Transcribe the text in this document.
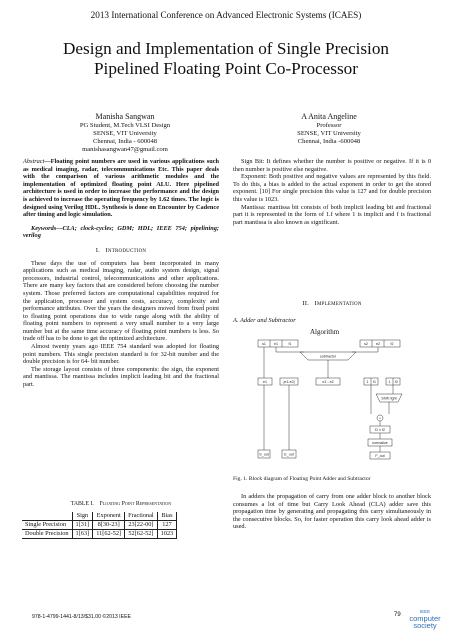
2013 International Conference on Advanced Electronic Systems (ICAES)
Design and Implementation of Single Precision
Pipelined Floating Point Co-Processor
Manisha Sangwan
PG Student, M.Tech VLSI Design
SENSE, VIT University
Chennai, India - 600048
manishasangwan47@gmail.com
A Anita Angeline
Professor
SENSE, VIT University
Chennai, India -600048

Abstract—Floating point numbers are used in various applications such as medical imaging, radar, telecommunications Etc. This paper deals with the comparison of various arithmetic modules and the implementation of optimized floating point ALU. Here pipelined architecture is used in order to increase the performance and the design is achieved to increase the operating frequency by 1.62 times. The logic is designed using Verilog HDL. Synthesis is done on Encounter by Cadence after timing and logic simulation.

Keywords—CLA; clock-cycles; GDM; HDL; IEEE 754; pipelining; verilog

I. Introduction

These days the use of computers has been incorporated in many applications such as medical imaging, radar, audio system design, signal processors, industrial control, telecommunications and other applications. There are many key factors that are considered before choosing the number system. Those preferred factors are computational capabilities required for the application, processor and system costs, accuracy, complexity and performance attributes. Over the years the designers moved from fixed point to floating point operations due to wide range along with the ability of floating point numbers to represent a very small number to a very large number but at the same time accuracy of floating point numbers is less. So trade off has to be done to get the optimized architecture.

Almost twenty years ago IEEE 754 standard was adopted for floating point numbers. This single precision standard is for 32-bit number and the double precision is for 64- bit number.

The storage layout consists of three components: the sign, the exponent and mantissa. The mantissa includes implicit leading bit and the fractional part.

TABLE I. Floating Point Representation
	Sign	Exponent	Fractional	Bias
Single Precision	1[31]	8[30-23]	23[22-00]	127
Double Precision	1[63]	11[62-52]	52[62-52]	1023

Sign Bit: It defines whether the number is positive or negative. If it is 0 then number is positive else negative.

Exponent: Both positive and negative values are represented by this field. To do this, a bias is added to the actual exponent in order to get the stored exponent. [10] For single precision this value is 127 and for double precision this value is 1023.

Mantissa: mantissa bit consists of both implicit leading bit and fractional part it is represented in the form of 1.f where 1 is implicit and f is fractional part mantissa is also known as significant.

II. Implementation
A. Adder and Subtractor
Algorithm
s1 e1	f1	s2 e2	f2
subtractor
e1	|e1-e2|	e1 - e2	1 f1	1 f2
Shift right
+
f1 ± f2
normalize
S_out	E_out	F_out
Fig. 1. Block diagram of Floating Point Adder and Subtractor

In adders the propagation of carry from one adder block to another block consumes a lot of time but Carry Look Ahead (CLA) adder save this propagation time by generating and propagating this carry simultaneously in the consecutive blocks. So, for faster operation this carry look ahead adder is used.

978-1-4799-1441-8/13/$31.00 ©2013 IEEE	79
IEEE
computer
society
